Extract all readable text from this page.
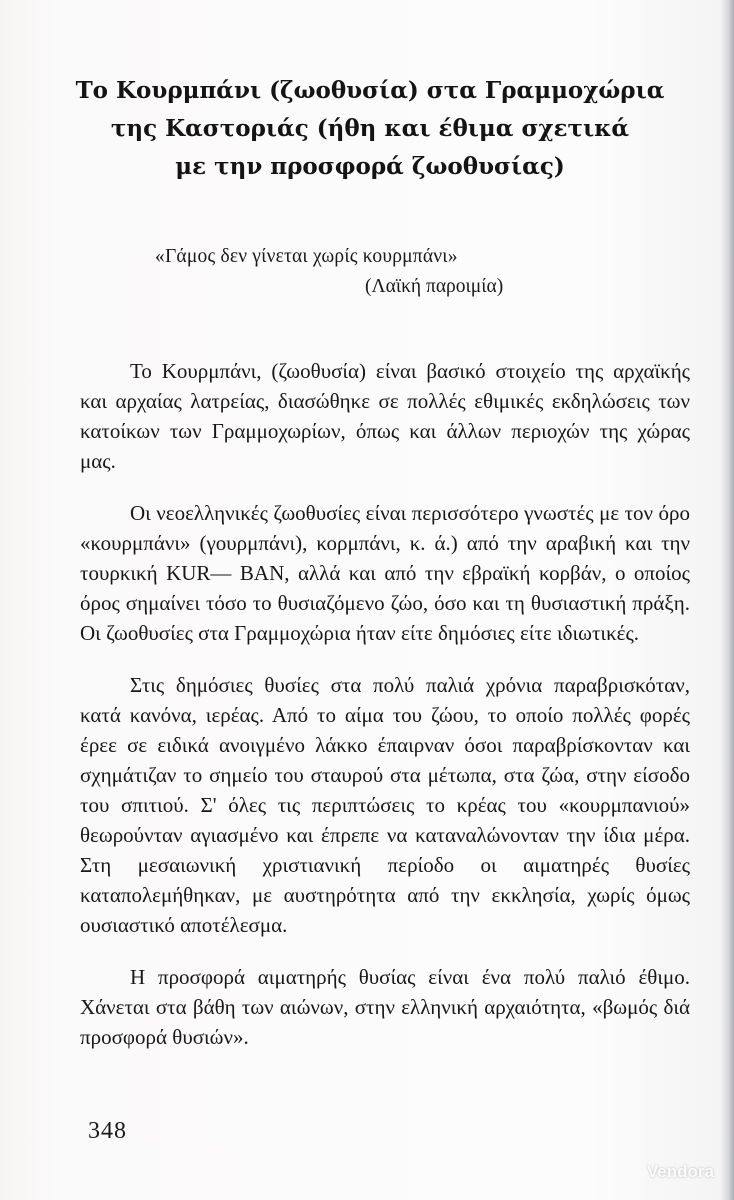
Το Κουρμπάνι (ζωοθυσία) στα Γραμμοχώρια
της Καστοριάς (ήθη και έθιμα σχετικά
με την προσφορά ζωοθυσίας)
«Γάμος δεν γίνεται χωρίς κουρμπάνι»
(Λαϊκή παροιμία)

Το Κουρμπάνι, (ζωοθυσία) είναι βασικό στοιχείο της αρχαϊκής και αρχαίας λατρείας, διασώθηκε σε πολλές εθιμικές εκδηλώσεις των κατοίκων των Γραμμοχωρίων, όπως και άλλων περιοχών της χώρας μας.

Οι νεοελληνικές ζωοθυσίες είναι περισσότερο γνωστές με τον όρο «κουρμπάνι» (γουρμπάνι), κορμπάνι, κ. ά.) από την αραβική και την τουρκική KUR— BAN, αλλά και από την εβραϊκή κορβάν, ο οποίος όρος σημαίνει τόσο το θυσιαζόμενο ζώο, όσο και τη θυσιαστική πράξη. Οι ζωοθυσίες στα Γραμμοχώρια ήταν είτε δημόσιες είτε ιδιωτικές.

Στις δημόσιες θυσίες στα πολύ παλιά χρόνια παραβρισκόταν, κατά κανόνα, ιερέας. Από το αίμα του ζώου, το οποίο πολλές φορές έρεε σε ειδικά ανοιγμένο λάκκο έπαιρναν όσοι παραβρίσκονταν και σχημάτιζαν το σημείο του σταυρού στα μέτωπα, στα ζώα, στην είσοδο του σπιτιού. Σ' όλες τις περιπτώσεις το κρέας του «κουρμπανιού» θεωρούνταν αγιασμένο και έπρεπε να καταναλώνονταν την ίδια μέρα. Στη μεσαιωνική χριστιανική περίοδο οι αιματηρές θυσίες καταπολεμήθηκαν, με αυστηρότητα από την εκκλησία, χωρίς όμως ουσιαστικό αποτέλεσμα.

Η προσφορά αιματηρής θυσίας είναι ένα πολύ παλιό έθιμο. Χάνεται στα βάθη των αιώνων, στην ελληνική αρχαιότητα, «βωμός διά προσφορά θυσιών».

348
Vendora
